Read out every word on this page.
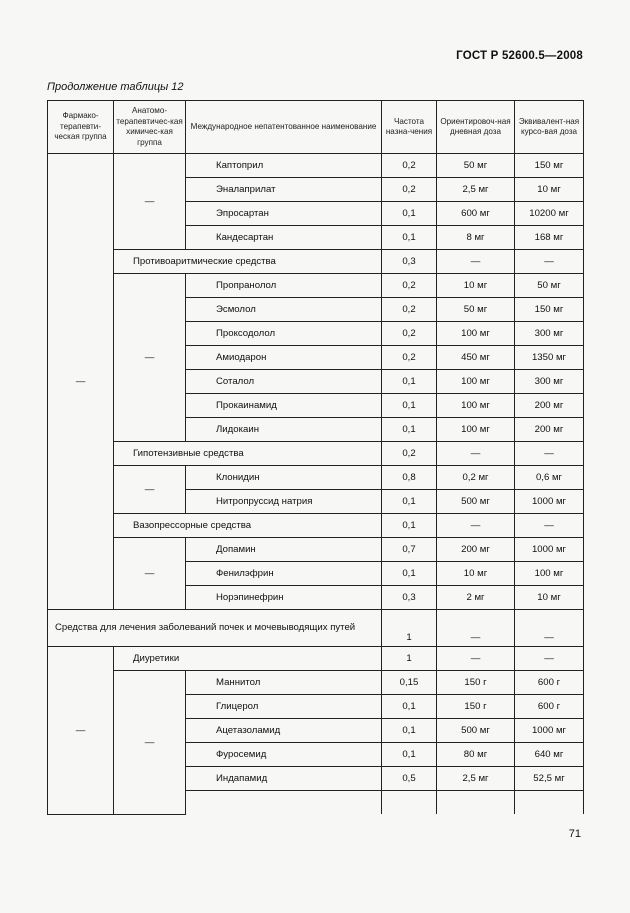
ГОСТ Р 52600.5—2008
Продолжение таблицы 12
Фармако-терапевти-ческая группа	Анатомо-терапевтичес-кая химичес-кая группа	Международное непатентованное наименование	Частота назна-чения	Ориентировоч-ная дневная доза	Эквивалент-ная курсо-вая доза
—	—	Каптоприл	0,2	50 мг	150 мг
		Эналаприлат	0,2	2,5 мг	10 мг
		Эпросартан	0,1	600 мг	10200 мг
		Кандесартан	0,1	8 мг	168 мг
	Противоаритмические средства		0,3	—	—
	—	Пропранолол	0,2	10 мг	50 мг
		Эсмолол	0,2	50 мг	150 мг
		Проксодолол	0,2	100 мг	300 мг
		Амиодарон	0,2	450 мг	1350 мг
		Соталол	0,1	100 мг	300 мг
		Прокаинамид	0,1	100 мг	200 мг
		Лидокаин	0,1	100 мг	200 мг
	Гипотензивные средства		0,2	—	—
	—	Клонидин	0,8	0,2 мг	0,6 мг
		Нитропруссид натрия	0,1	500 мг	1000 мг
	Вазопрессорные средства		0,1	—	—
	—	Допамин	0,7	200 мг	1000 мг
		Фенилэфрин	0,1	10 мг	100 мг
		Норэпинефрин	0,3	2 мг	10 мг
Средства для лечения заболеваний почек и мочевыводящих путей			1	—	—
—	Диуретики		1	—	—
	—	Маннитол	0,15	150 г	600 г
		Глицерол	0,1	150 г	600 г
		Ацетазоламид	0,1	500 мг	1000 мг
		Фуросемид	0,1	80 мг	640 мг
		Индапамид	0,5	2,5 мг	52,5 мг

71
